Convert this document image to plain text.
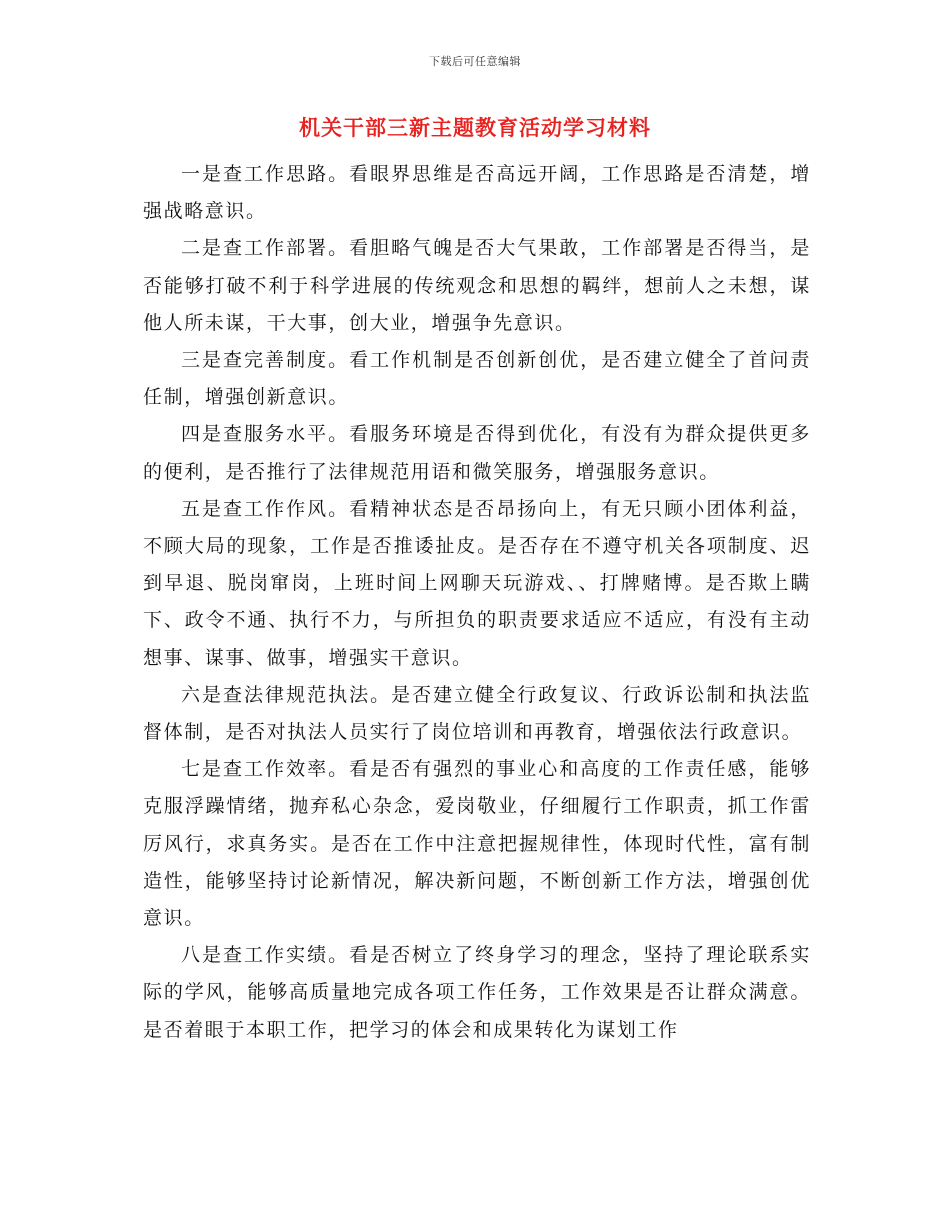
下载后可任意编辑
机关干部三新主题教育活动学习材料

一是查工作思路。看眼界思维是否高远开阔，工作思路是否清楚，增强战略意识。

二是查工作部署。看胆略气魄是否大气果敢，工作部署是否得当，是否能够打破不利于科学进展的传统观念和思想的羁绊，想前人之未想，谋他人所未谋，干大事，创大业，增强争先意识。

三是查完善制度。看工作机制是否创新创优，是否建立健全了首问责任制，增强创新意识。

四是查服务水平。看服务环境是否得到优化，有没有为群众提供更多的便利，是否推行了法律规范用语和微笑服务，增强服务意识。

五是查工作作风。看精神状态是否昂扬向上，有无只顾小团体利益，不顾大局的现象，工作是否推诿扯皮。是否存在不遵守机关各项制度、迟到早退、脱岗窜岗，上班时间上网聊天玩游戏、、打牌赌博。是否欺上瞒下、政令不通、执行不力，与所担负的职责要求适应不适应，有没有主动想事、谋事、做事，增强实干意识。

六是查法律规范执法。是否建立健全行政复议、行政诉讼制和执法监督体制，是否对执法人员实行了岗位培训和再教育，增强依法行政意识。

七是查工作效率。看是否有强烈的事业心和高度的工作责任感，能够克服浮躁情绪，抛弃私心杂念，爱岗敬业，仔细履行工作职责，抓工作雷厉风行，求真务实。是否在工作中注意把握规律性，体现时代性，富有制造性，能够坚持讨论新情况，解决新问题，不断创新工作方法，增强创优意识。

八是查工作实绩。看是否树立了终身学习的理念，坚持了理论联系实际的学风，能够高质量地完成各项工作任务，工作效果是否让群众满意。是否着眼于本职工作，把学习的体会和成果转化为谋划工作
